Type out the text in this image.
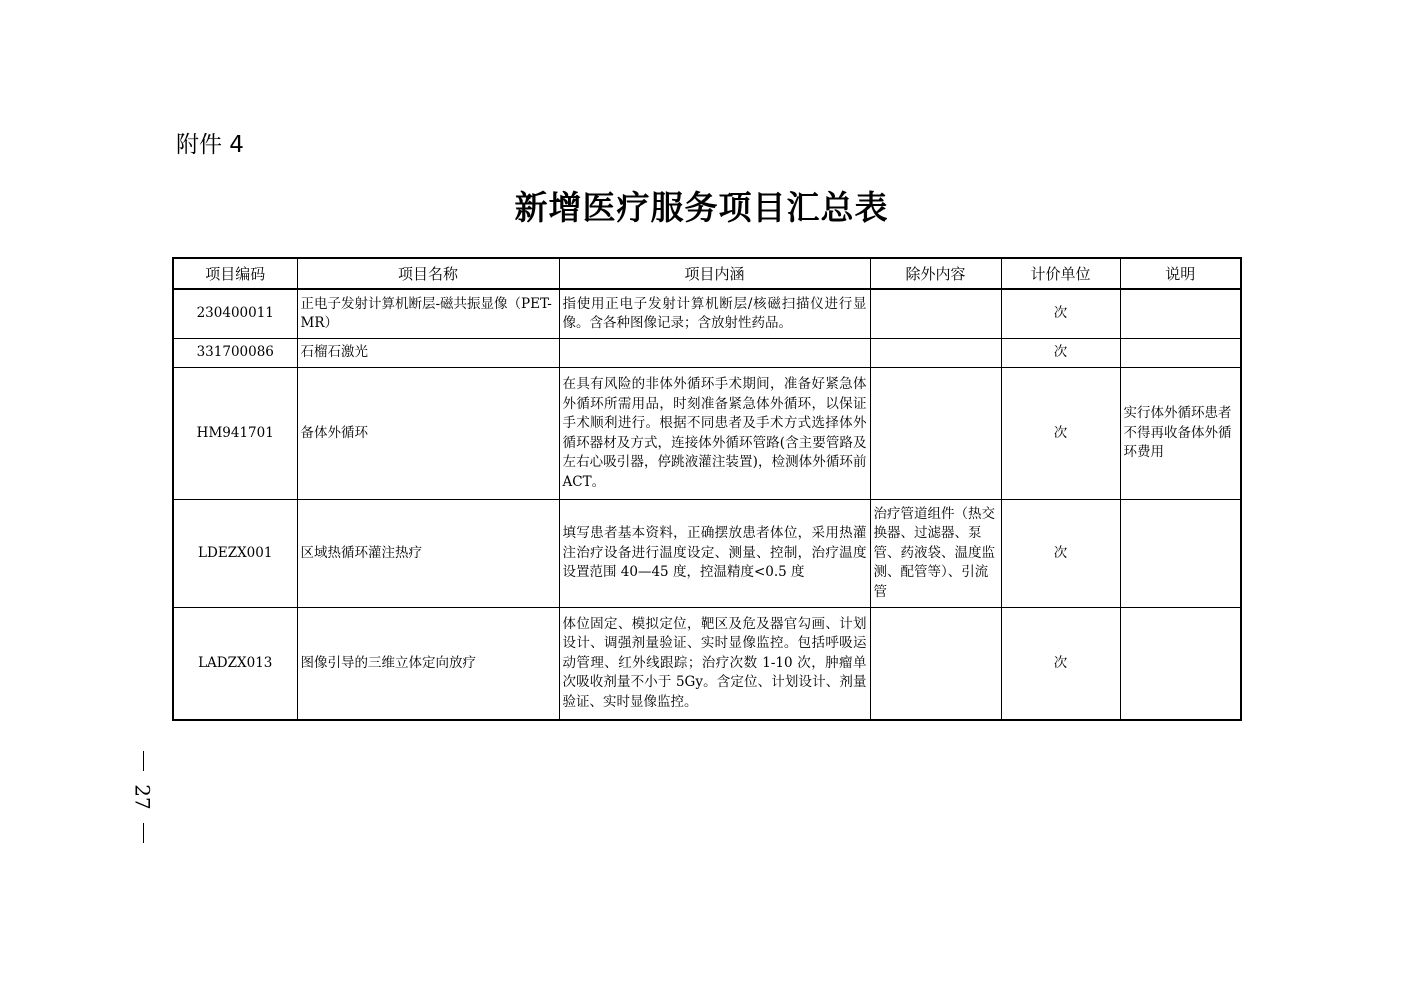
附件 4
新增医疗服务项目汇总表
项目编码	项目名称	项目内涵	除外内容	计价单位	说明
230400011	正电子发射计算机断层-磁共振显像（PET-MR）	指使用正电子发射计算机断层/核磁扫描仪进行显像。含各种图像记录；含放射性药品。		次	
331700086	石榴石激光			次	
HM941701	备体外循环	在具有风险的非体外循环手术期间，准备好紧急体外循环所需用品，时刻准备紧急体外循环，以保证手术顺利进行。根据不同患者及手术方式选择体外循环器材及方式，连接体外循环管路(含主要管路及左右心吸引器，停跳液灌注装置)，检测体外循环前 ACT。		次	实行体外循环患者不得再收备体外循环费用
LDEZX001	区域热循环灌注热疗	填写患者基本资料，正确摆放患者体位，采用热灌注治疗设备进行温度设定、测量、控制，治疗温度设置范围 40—45 度，控温精度<0.5 度	治疗管道组件（热交换器、过滤器、泵管、药液袋、温度监测、配管等）、引流管	次	
LADZX013	图像引导的三维立体定向放疗	体位固定、模拟定位，靶区及危及器官勾画、计划设计、调强剂量验证、实时显像监控。包括呼吸运动管理、红外线跟踪；治疗次数 1-10 次，肿瘤单次吸收剂量不小于 5Gy。含定位、计划设计、剂量验证、实时显像监控。		次	
27
